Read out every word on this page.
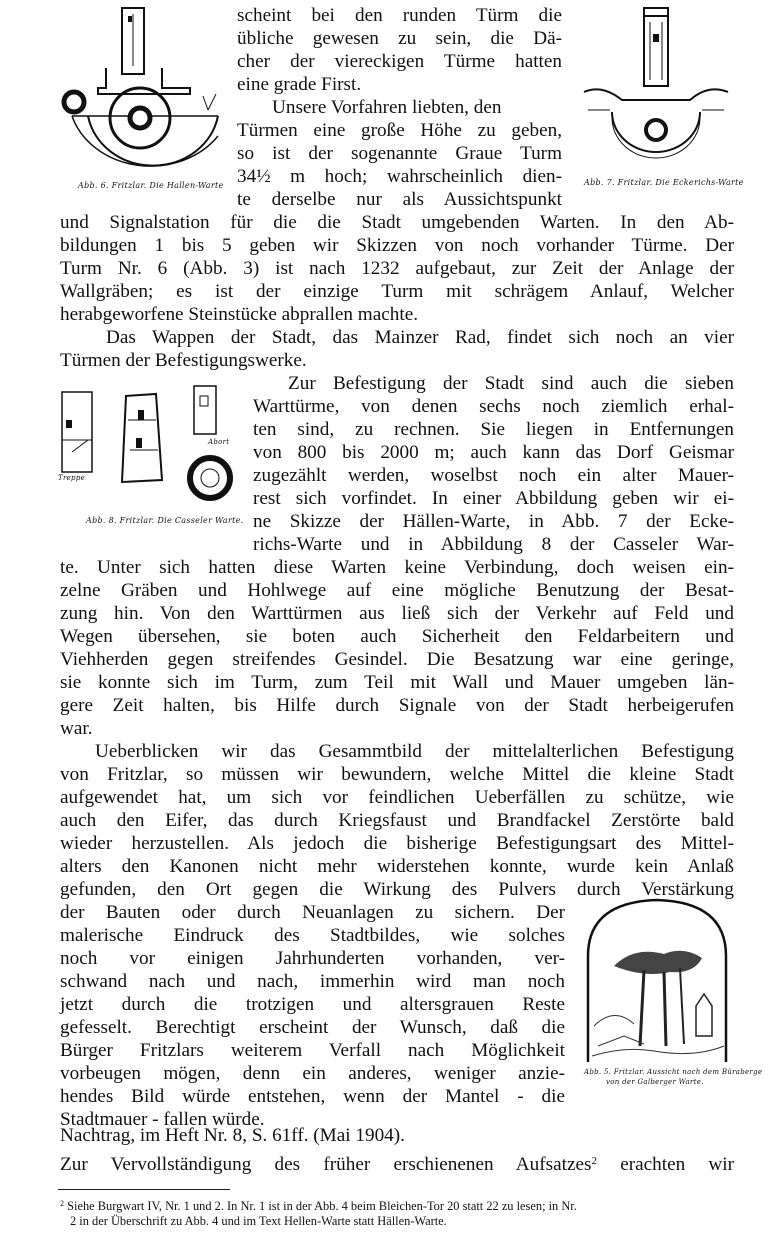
Abb. 6. Fritzlar. Die Hallen-Warte	Abb. 7. Fritzlar. Die Eckerichs-Warte
Treppe
Abort
Abb. 8. Fritzlar. Die Casseler Warte.
Abb. 5. Fritzlar. Aussicht nach dem Büraberge
von der Galberger Warte.
scheint bei den runden Türm die
übliche gewesen zu sein, die Dä-
cher der viereckigen Türme hatten
eine grade First.
Unsere Vorfahren liebten, den
Türmen eine große Höhe zu geben,
so ist der sogenannte Graue Turm
34½ m hoch; wahrscheinlich dien-
te derselbe nur als Aussichtspunkt
und Signalstation für die die Stadt umgebenden Warten. In den Ab-
bildungen 1 bis 5 geben wir Skizzen von noch vorhander Türme. Der
Turm Nr. 6 (Abb. 3) ist nach 1232 aufgebaut, zur Zeit der Anlage der
Wallgräben; es ist der einzige Turm mit schrägem Anlauf, Welcher
herabgeworfene Steinstücke abprallen machte.
Das Wappen der Stadt, das Mainzer Rad, findet sich noch an vier
Türmen der Befestigungswerke.
Zur Befestigung der Stadt sind auch die sieben
Warttürme, von denen sechs noch ziemlich erhal-
ten sind, zu rechnen. Sie liegen in Entfernungen
von 800 bis 2000 m; auch kann das Dorf Geismar
zugezählt werden, woselbst noch ein alter Mauer-
rest sich vorfindet. In einer Abbildung geben wir ei-
ne Skizze der Hällen-Warte, in Abb. 7 der Ecke-
richs-Warte und in Abbildung 8 der Casseler War-
te. Unter sich hatten diese Warten keine Verbindung, doch weisen ein-
zelne Gräben und Hohlwege auf eine mögliche Benutzung der Besat-
zung hin. Von den Warttürmen aus ließ sich der Verkehr auf Feld und
Wegen übersehen, sie boten auch Sicherheit den Feldarbeitern und
Viehherden gegen streifendes Gesindel. Die Besatzung war eine geringe,
sie konnte sich im Turm, zum Teil mit Wall und Mauer umgeben län-
gere Zeit halten, bis Hilfe durch Signale von der Stadt herbeigerufen
war.
Ueberblicken wir das Gesammtbild der mittelalterlichen Befestigung
von Fritzlar, so müssen wir bewundern, welche Mittel die kleine Stadt
aufgewendet hat, um sich vor feindlichen Ueberfällen zu schütze, wie
auch den Eifer, das durch Kriegsfaust und Brandfackel Zerstörte bald
wieder herzustellen. Als jedoch die bisherige Befestigungsart des Mittel-
alters den Kanonen nicht mehr widerstehen konnte, wurde kein Anlaß
gefunden, den Ort gegen die Wirkung des Pulvers durch Verstärkung
der Bauten oder durch Neuanlagen zu sichern. Der
malerische Eindruck des Stadtbildes, wie solches
noch vor einigen Jahrhunderten vorhanden, ver-
schwand nach und nach, immerhin wird man noch
jetzt durch die trotzigen und altersgrauen Reste
gefesselt. Berechtigt erscheint der Wunsch, daß die
Bürger Fritzlars weiterem Verfall nach Möglichkeit
vorbeugen mögen, denn ein anderes, weniger anzie-
hendes Bild würde entstehen, wenn der Mantel - die
Stadtmauer - fallen würde.
Nachtrag, im Heft Nr. 8, S. 61ff. (Mai 1904).
Zur Vervollständigung des früher erschienenen Aufsatzes$^2$ erachten wir
$^2$ Siehe Burgwart IV, Nr. 1 und 2. In Nr. 1 ist in der Abb. 4 beim Bleichen-Tor 20 statt 22 zu lesen; in Nr.
2 in der Überschrift zu Abb. 4 und im Text Hellen-Warte statt Hällen-Warte.
